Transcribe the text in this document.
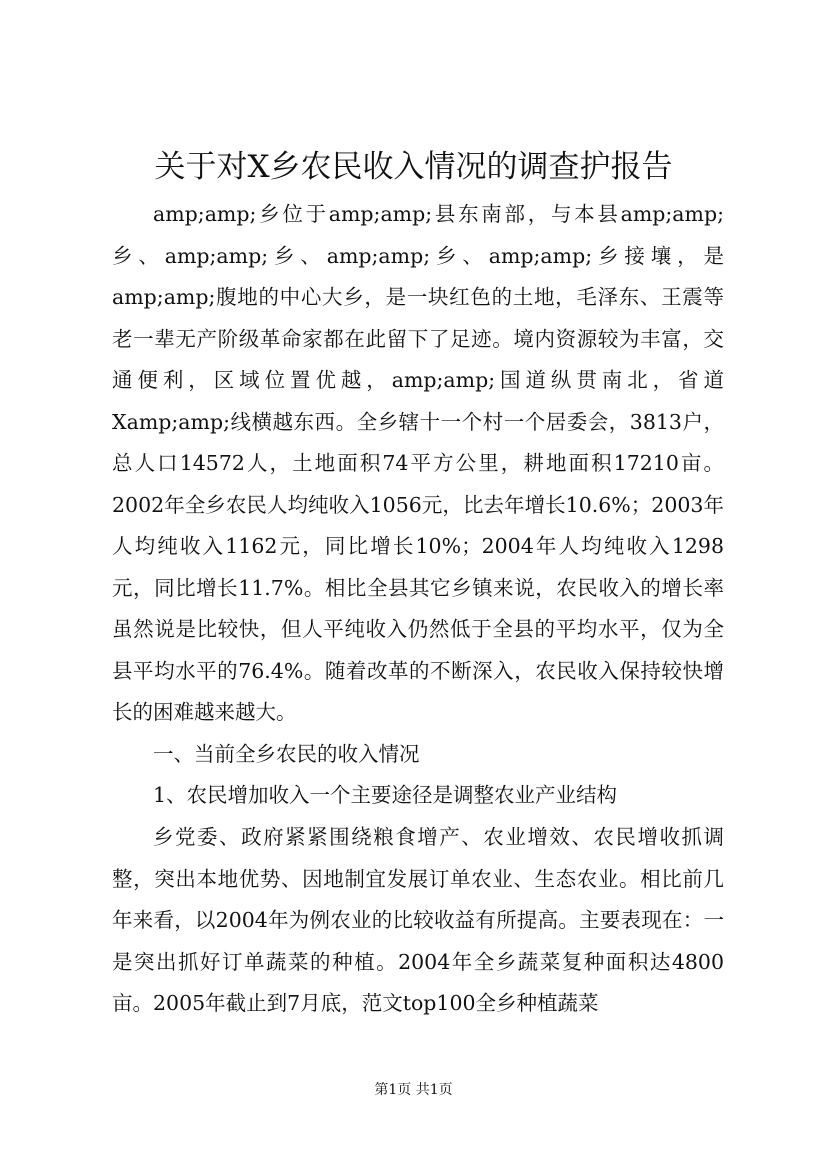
关于对X乡农民收入情况的调查护报告
amp;amp;乡位于amp;amp;县东南部，与本县amp;amp;乡、amp;amp;乡、amp;amp;乡、amp;amp;乡接壤，是amp;amp;腹地的中心大乡，是一块红色的土地，毛泽东、王震等老一辈无产阶级革命家都在此留下了足迹。境内资源较为丰富，交通便利，区域位置优越，amp;amp;国道纵贯南北，省道Xamp;amp;线横越东西。全乡辖十一个村一个居委会，3813户，总人口14572人，土地面积74平方公里，耕地面积17210亩。2002年全乡农民人均纯收入1056元，比去年增长10.6%；2003年人均纯收入1162元，同比增长10%；2004年人均纯收入1298元，同比增长11.7%。相比全县其它乡镇来说，农民收入的增长率虽然说是比较快，但人平纯收入仍然低于全县的平均水平，仅为全县平均水平的76.4%。随着改革的不断深入，农民收入保持较快增长的困难越来越大。
一、当前全乡农民的收入情况
1、农民增加收入一个主要途径是调整农业产业结构
乡党委、政府紧紧围绕粮食增产、农业增效、农民增收抓调整，突出本地优势、因地制宜发展订单农业、生态农业。相比前几年来看，以2004年为例农业的比较收益有所提高。主要表现在：一是突出抓好订单蔬菜的种植。2004年全乡蔬菜复种面积达4800亩。2005年截止到7月底，范文top100全乡种植蔬菜
第1页 共1页
